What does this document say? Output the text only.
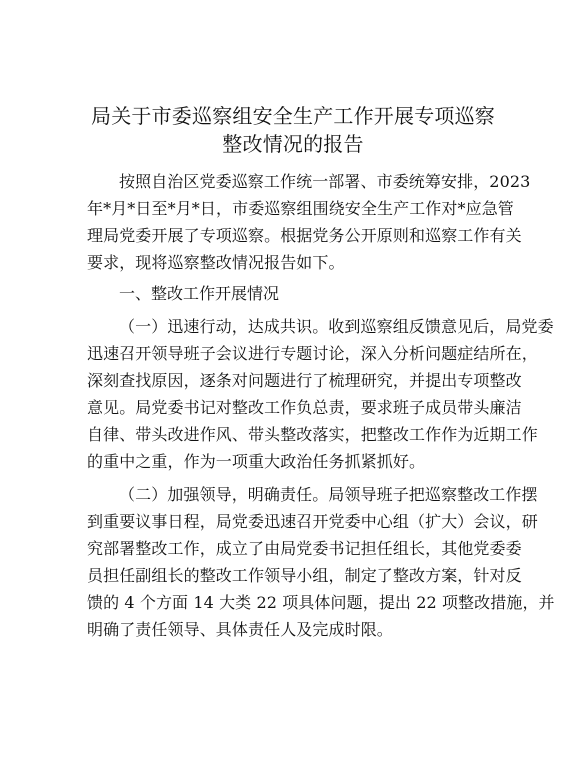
局关于市委巡察组安全生产工作开展专项巡察
整改情况的报告
按照自治区党委巡察工作统一部署、市委统筹安排，2023
年*月*日至*月*日，市委巡察组围绕安全生产工作对*应急管
理局党委开展了专项巡察。根据党务公开原则和巡察工作有关
要求，现将巡察整改情况报告如下。
一、整改工作开展情况
（一）迅速行动，达成共识。收到巡察组反馈意见后，局党委
迅速召开领导班子会议进行专题讨论，深入分析问题症结所在，
深刻查找原因，逐条对问题进行了梳理研究，并提出专项整改
意见。局党委书记对整改工作负总责，要求班子成员带头廉洁
自律、带头改进作风、带头整改落实，把整改工作作为近期工作
的重中之重，作为一项重大政治任务抓紧抓好。
（二）加强领导，明确责任。局领导班子把巡察整改工作摆
到重要议事日程，局党委迅速召开党委中心组（扩大）会议，研
究部署整改工作，成立了由局党委书记担任组长，其他党委委
员担任副组长的整改工作领导小组，制定了整改方案，针对反
馈的 4 个方面 14 大类 22 项具体问题，提出 22 项整改措施，并
明确了责任领导、具体责任人及完成时限。
